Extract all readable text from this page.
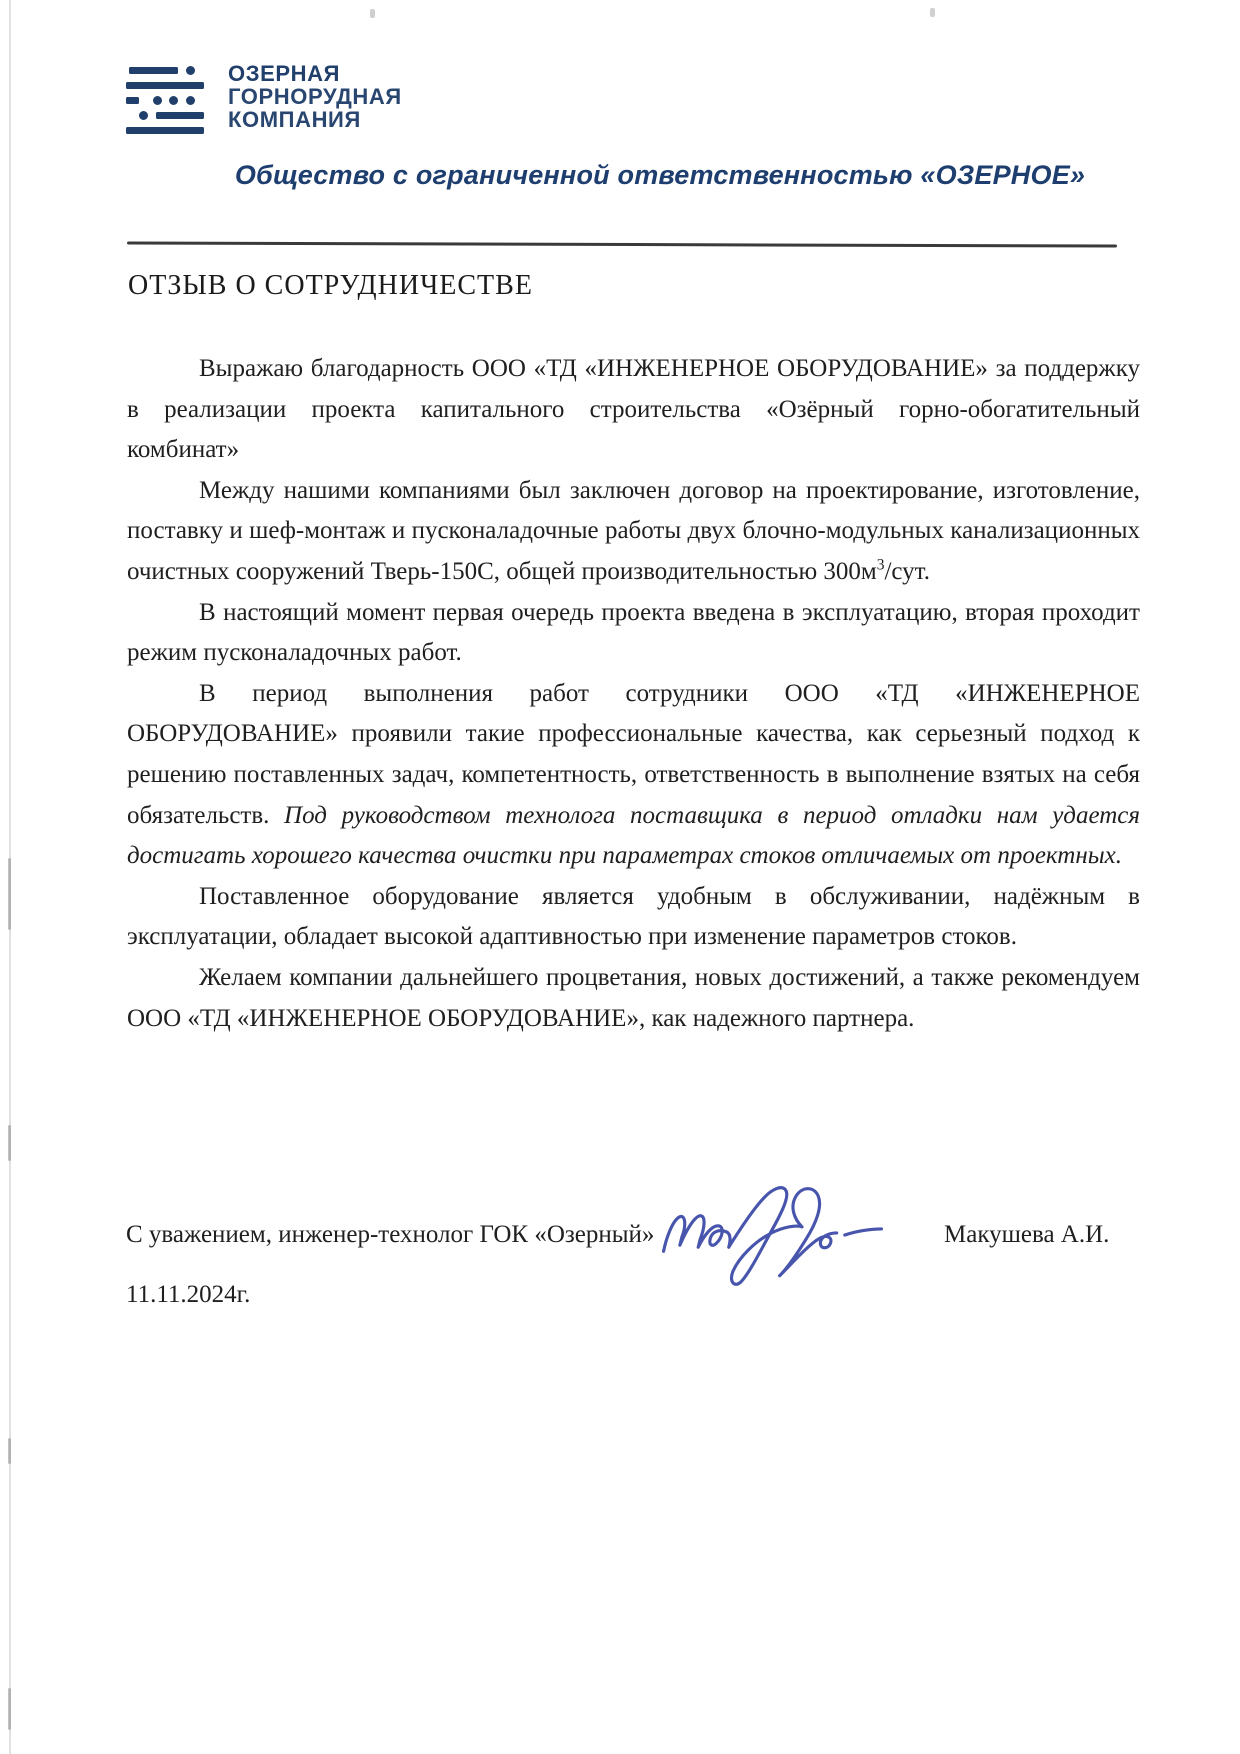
ОЗЕРНАЯ
ГОРНОРУДНАЯ
КОМПАНИЯ
Общество с ограниченной ответственностью «ОЗЕРНОЕ»
ОТЗЫВ О СОТРУДНИЧЕСТВЕ

Выражаю благодарность ООО «ТД «ИНЖЕНЕРНОЕ ОБОРУДОВАНИЕ» за поддержку в реализации проекта капитального строительства «Озёрный горно-обогатительный комбинат»

Между нашими компаниями был заключен договор на проектирование, изготовление, поставку и шеф-монтаж и пусконаладочные работы двух блочно-модульных канализационных очистных сооружений Тверь-150С, общей производительностью $300м^3$/сут.

В настоящий момент первая очередь проекта введена в эксплуатацию, вторая проходит режим пусконаладочных работ.

В период выполнения работ сотрудники ООО «ТД «ИНЖЕНЕРНОЕ ОБОРУДОВАНИЕ» проявили такие профессиональные качества, как серьезный подход к решению поставленных задач, компетентность, ответственность в выполнение взятых на себя обязательств. Под руководством технолога поставщика в период отладки нам удается достигать хорошего качества очистки при параметрах стоков отличаемых от проектных.

Поставленное оборудование является удобным в обслуживании, надёжным в эксплуатации, обладает высокой адаптивностью при изменение параметров стоков.

Желаем компании дальнейшего процветания, новых достижений, а также рекомендуем ООО «ТД «ИНЖЕНЕРНОЕ ОБОРУДОВАНИЕ», как надежного партнера.

С уважением, инженер-технолог ГОК «Озерный»	Макушева А.И.
11.11.2024г.
